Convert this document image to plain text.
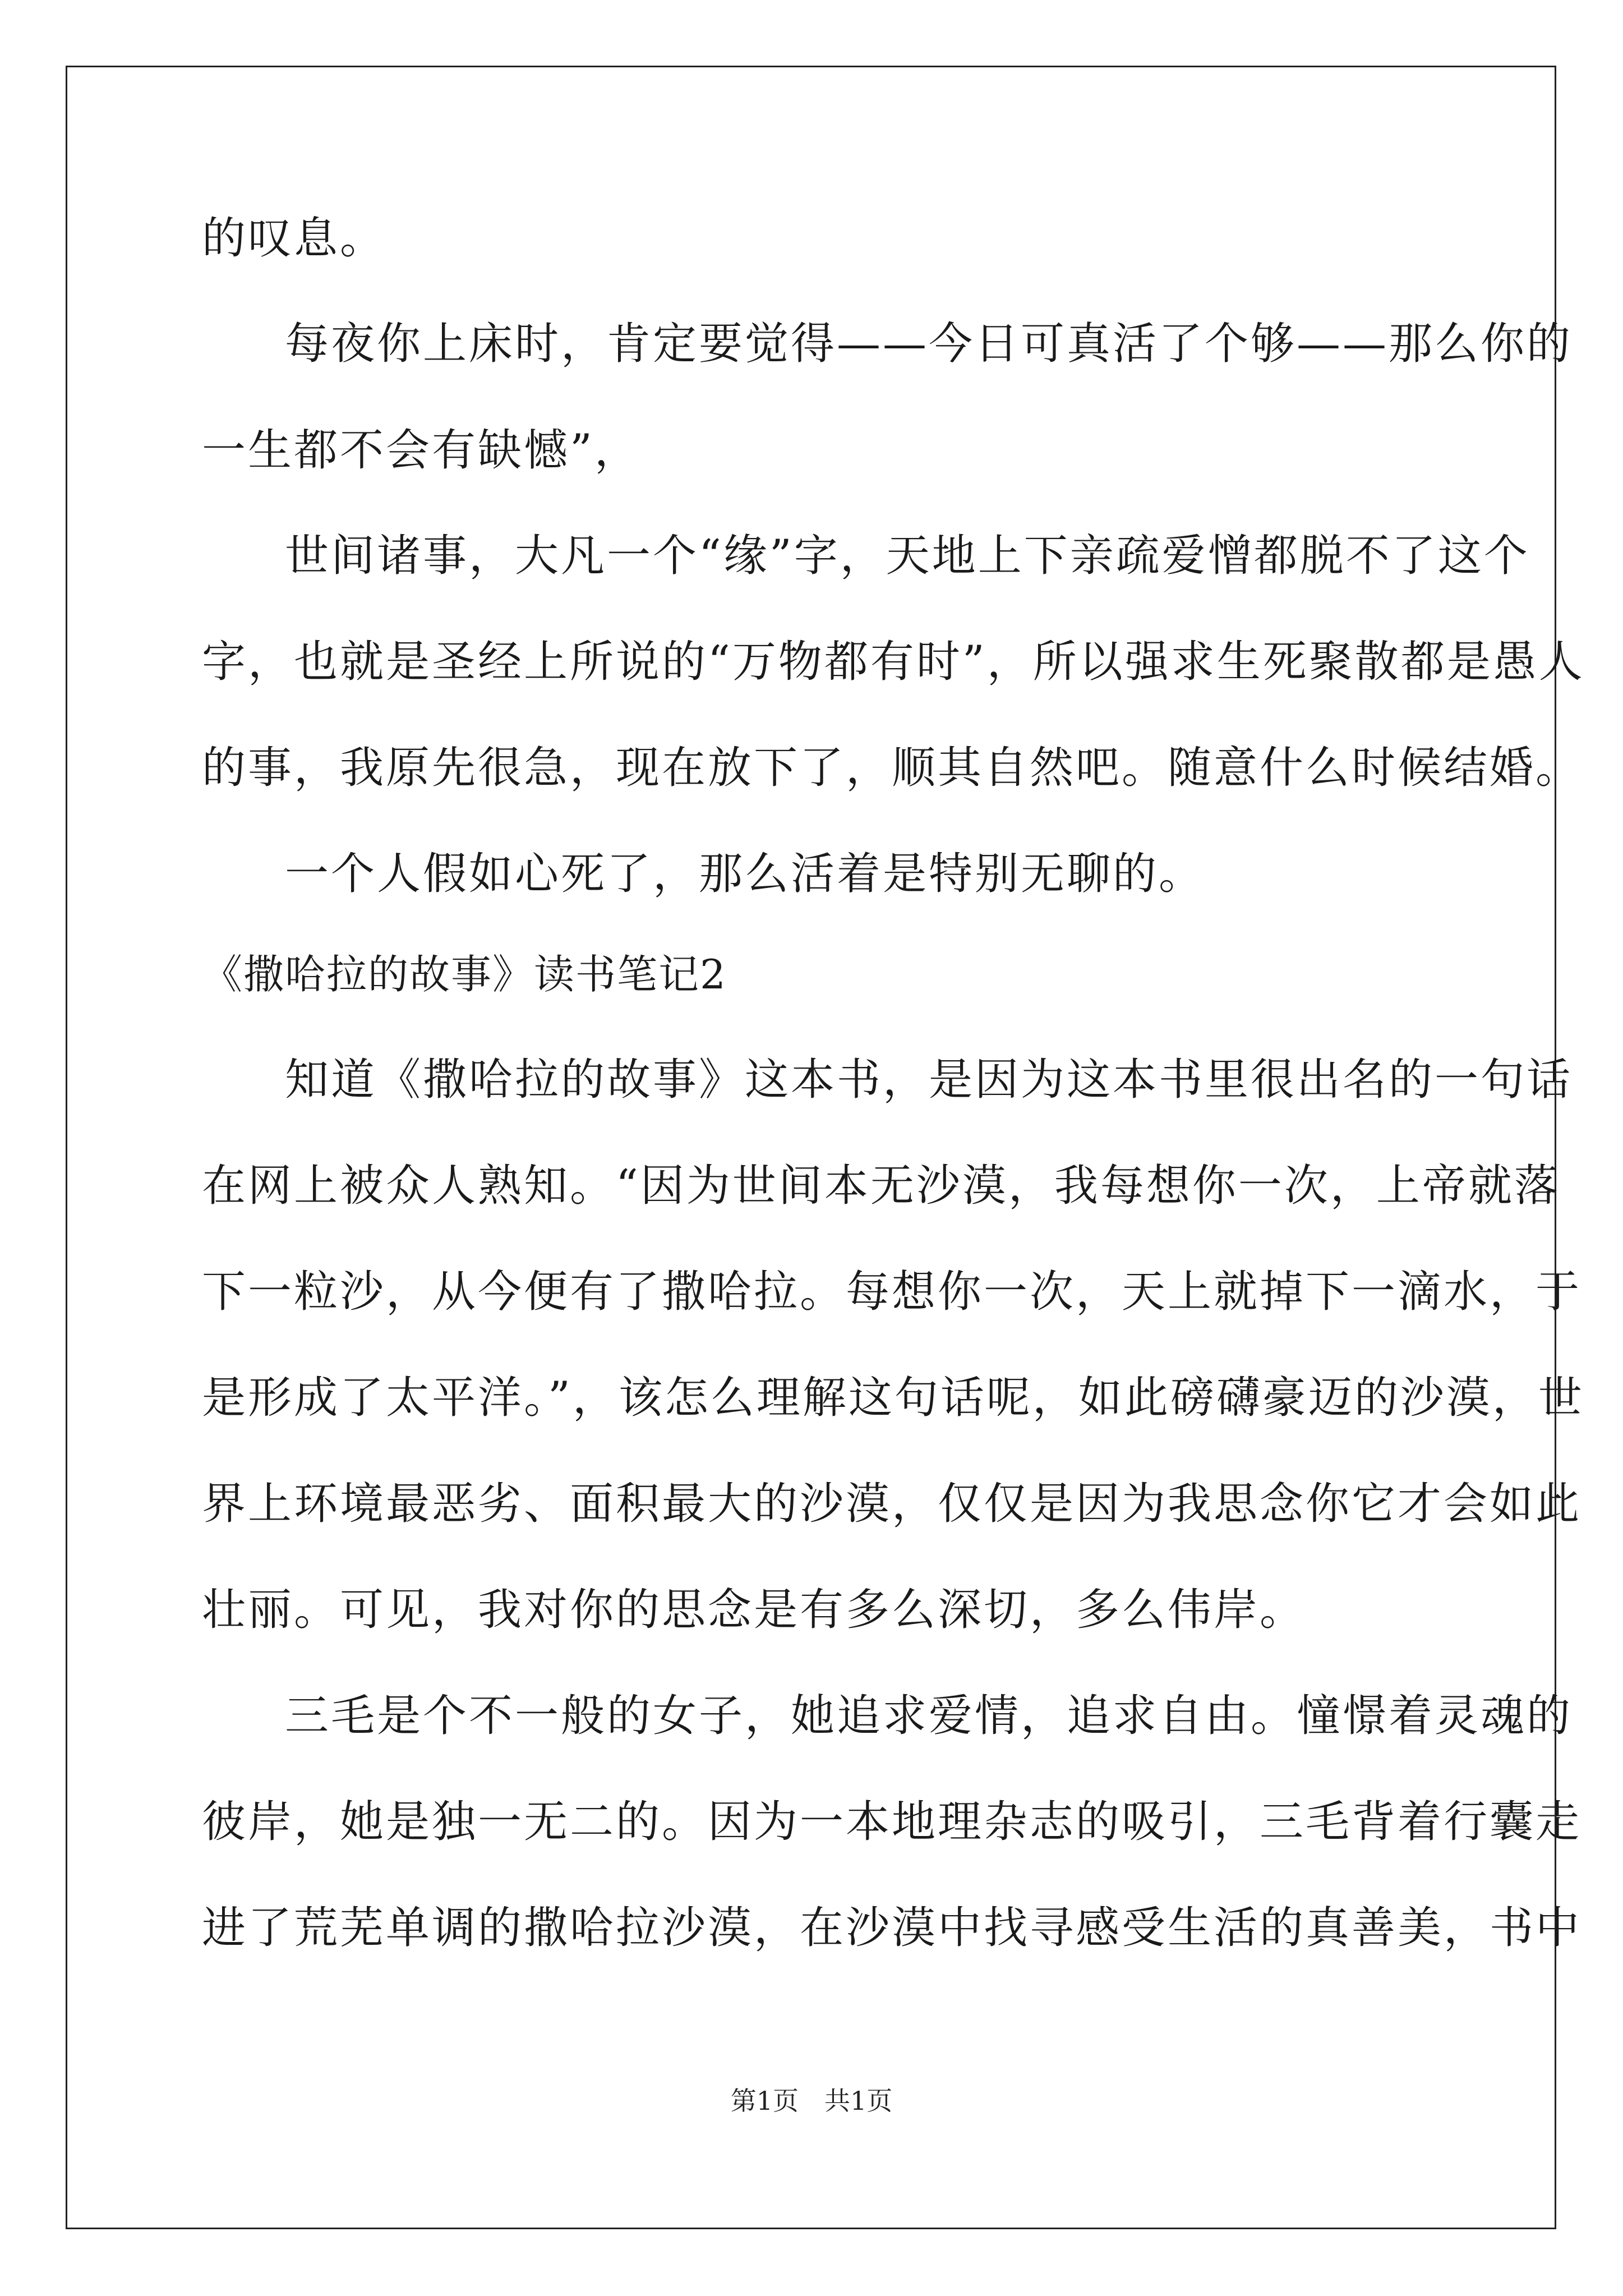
的叹息。
每夜你上床时，肯定要觉得——今日可真活了个够——那么你的
一生都不会有缺憾”，
世间诸事，大凡一个“缘”字，天地上下亲疏爱憎都脱不了这个
字，也就是圣经上所说的“万物都有时”，所以强求生死聚散都是愚人
的事，我原先很急，现在放下了，顺其自然吧。随意什么时候结婚。
一个人假如心死了，那么活着是特别无聊的。
《撒哈拉的故事》读书笔记2
知道《撒哈拉的故事》这本书，是因为这本书里很出名的一句话
在网上被众人熟知。“因为世间本无沙漠，我每想你一次，上帝就落
下一粒沙，从今便有了撒哈拉。每想你一次，天上就掉下一滴水，于
是形成了太平洋。”，该怎么理解这句话呢，如此磅礴豪迈的沙漠，世
界上环境最恶劣、面积最大的沙漠，仅仅是因为我思念你它才会如此
壮丽。可见，我对你的思念是有多么深切，多么伟岸。
三毛是个不一般的女子，她追求爱情，追求自由。憧憬着灵魂的
彼岸，她是独一无二的。因为一本地理杂志的吸引，三毛背着行囊走
进了荒芜单调的撒哈拉沙漠，在沙漠中找寻感受生活的真善美，书中
第1页　共1页
